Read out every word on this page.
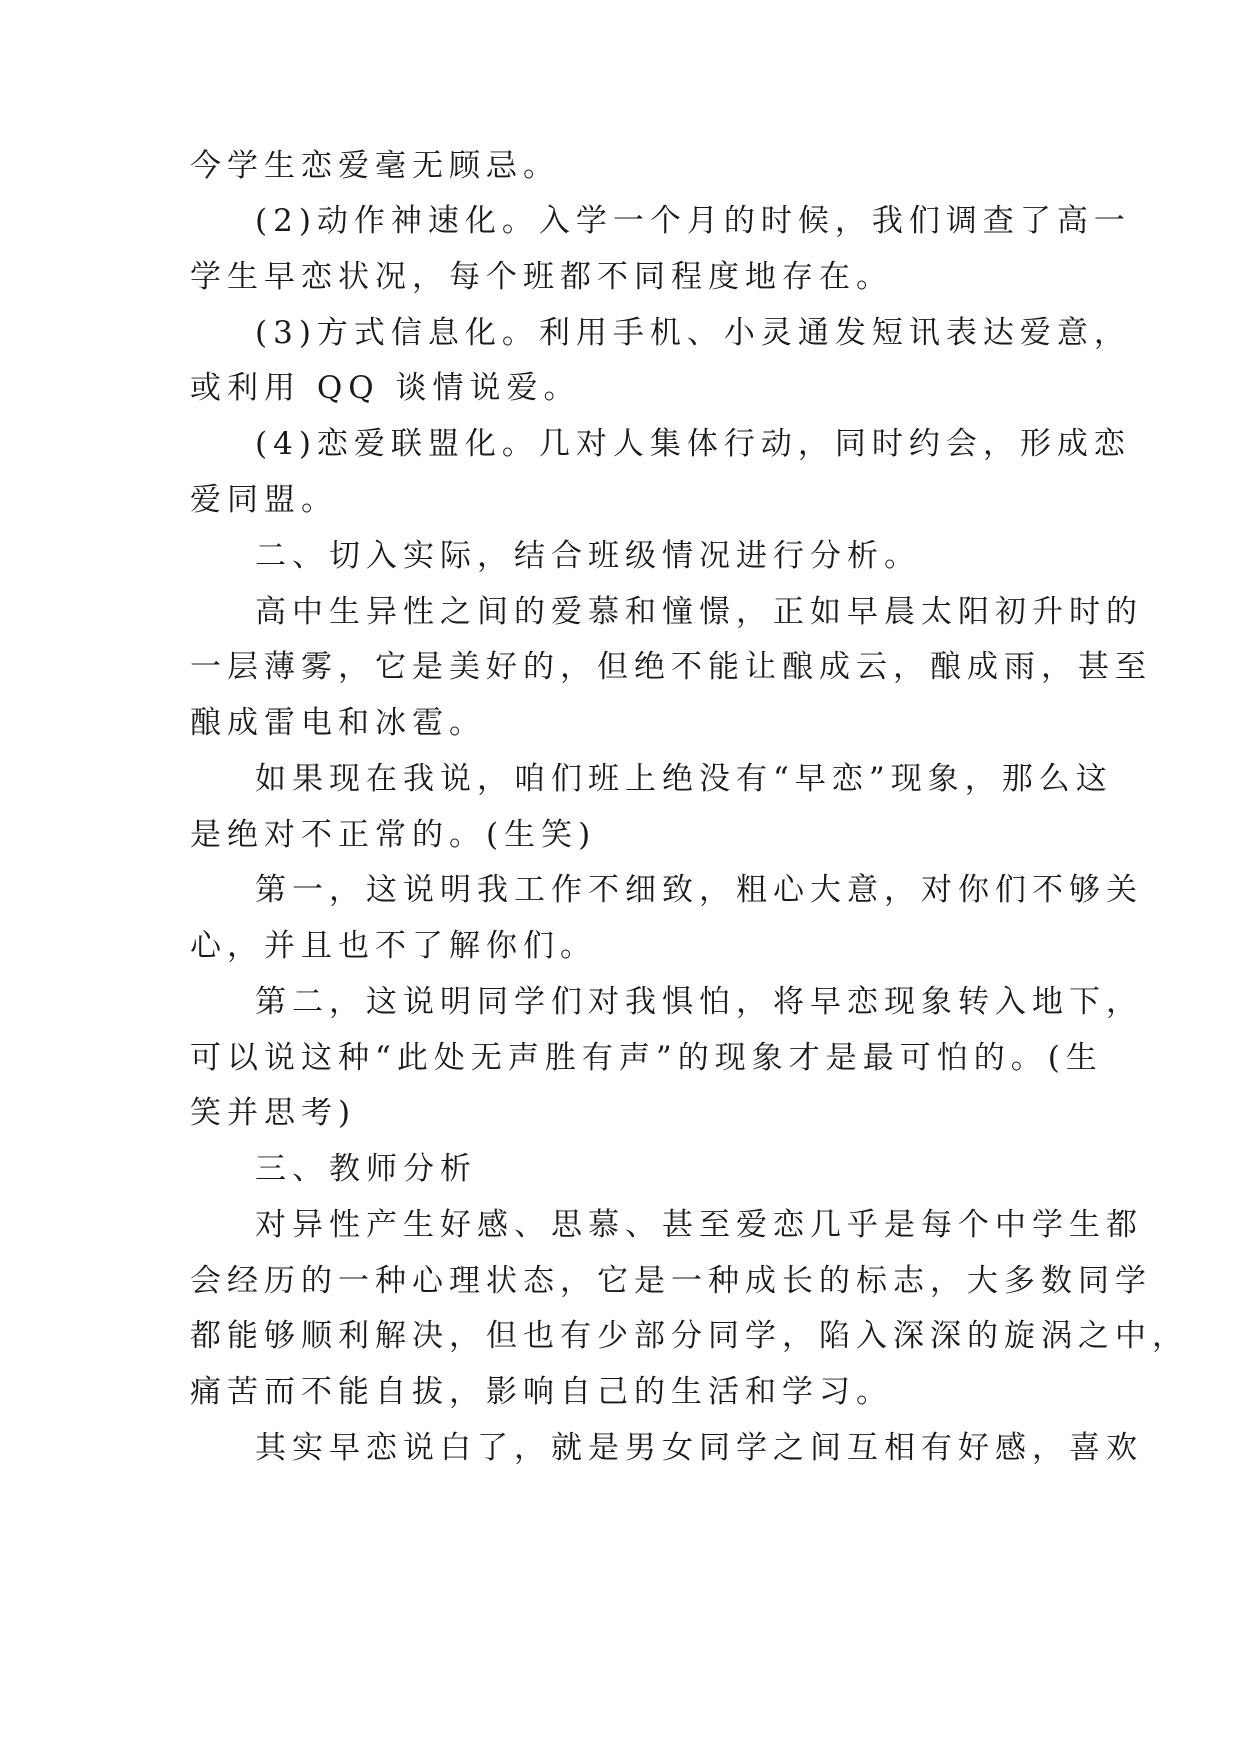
今学生恋爱毫无顾忌。

(2)动作神速化。入学一个月的时候，我们调查了高一

学生早恋状况，每个班都不同程度地存在。

(3)方式信息化。利用手机、小灵通发短讯表达爱意，

或利用 QQ 谈情说爱。

(4)恋爱联盟化。几对人集体行动，同时约会，形成恋

爱同盟。

二、切入实际，结合班级情况进行分析。

高中生异性之间的爱慕和憧憬，正如早晨太阳初升时的

一层薄雾，它是美好的，但绝不能让酿成云，酿成雨，甚至

酿成雷电和冰雹。

如果现在我说，咱们班上绝没有“早恋”现象，那么这

是绝对不正常的。(生笑)

第一，这说明我工作不细致，粗心大意，对你们不够关

心，并且也不了解你们。

第二，这说明同学们对我惧怕，将早恋现象转入地下，

可以说这种“此处无声胜有声”的现象才是最可怕的。(生

笑并思考)

三、教师分析

对异性产生好感、思慕、甚至爱恋几乎是每个中学生都

会经历的一种心理状态，它是一种成长的标志，大多数同学

都能够顺利解决，但也有少部分同学，陷入深深的旋涡之中，

痛苦而不能自拔，影响自己的生活和学习。

其实早恋说白了，就是男女同学之间互相有好感，喜欢
